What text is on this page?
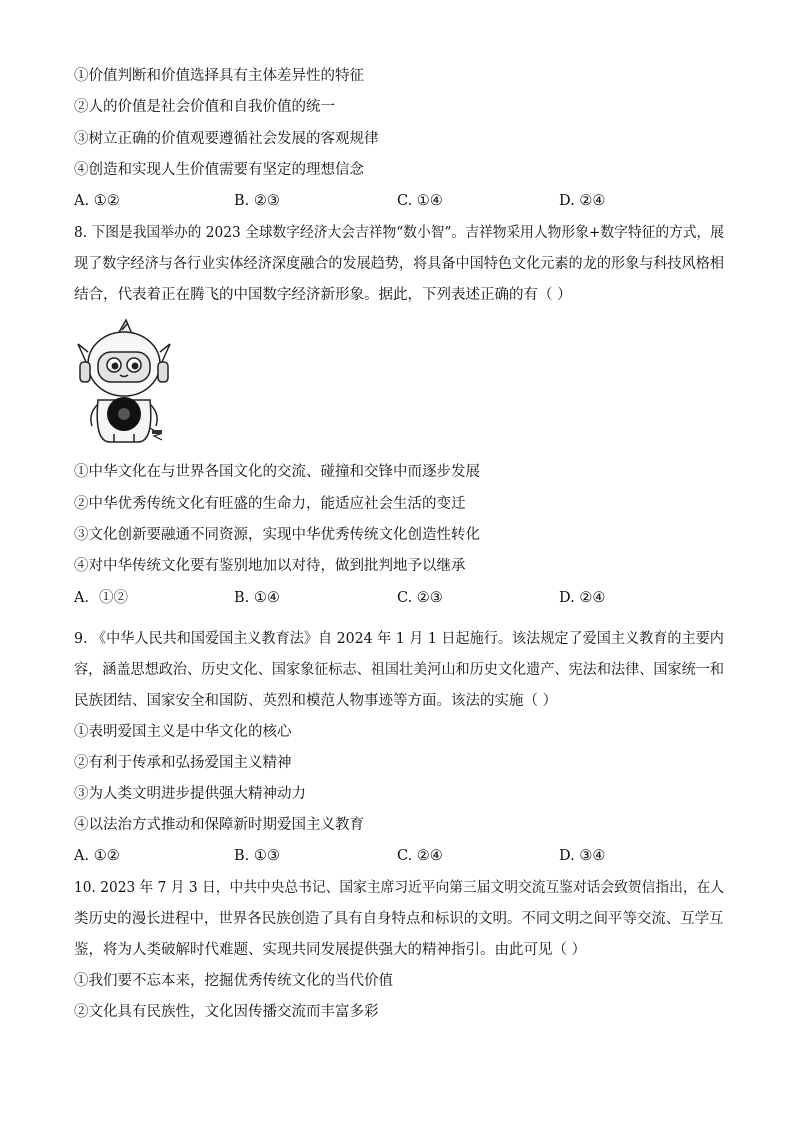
①价值判断和价值选择具有主体差异性的特征
②人的价值是社会价值和自我价值的统一
③树立正确的价值观要遵循社会发展的客观规律
④创造和实现人生价值需要有坚定的理想信念
A. ①②	B. ②③	C. ①④	D. ②④
8. 下图是我国举办的 2023 全球数字经济大会吉祥物“数小智”。吉祥物采用人物形象+数字特征的方式，展
现了数字经济与各行业实体经济深度融合的发展趋势，将具备中国特色文化元素的龙的形象与科技风格相
结合，代表着正在腾飞的中国数字经济新形象。据此，下列表述正确的有（ ）
①中华文化在与世界各国文化的交流、碰撞和交锋中而逐步发展
②中华优秀传统文化有旺盛的生命力，能适应社会生活的变迁
③文化创新要融通不同资源，实现中华优秀传统文化创造性转化
④对中华传统文化要有鉴别地加以对待，做到批判地予以继承
A．①②	B. ①④	C. ②③	D. ②④
9. 《中华人民共和国爱国主义教育法》自 2024 年 1 月 1 日起施行。该法规定了爱国主义教育的主要内
容，涵盖思想政治、历史文化、国家象征标志、祖国壮美河山和历史文化遗产、宪法和法律、国家统一和
民族团结、国家安全和国防、英烈和模范人物事迹等方面。该法的实施（ ）
①表明爱国主义是中华文化的核心
②有利于传承和弘扬爱国主义精神
③为人类文明进步提供强大精神动力
④以法治方式推动和保障新时期爱国主义教育
A. ①②	B. ①③	C. ②④	D. ③④
10. 2023 年 7 月 3 日，中共中央总书记、国家主席习近平向第三届文明交流互鉴对话会致贺信指出，在人
类历史的漫长进程中，世界各民族创造了具有自身特点和标识的文明。不同文明之间平等交流、互学互
鉴，将为人类破解时代难题、实现共同发展提供强大的精神指引。由此可见（ ）
①我们要不忘本来，挖掘优秀传统文化的当代价值
②文化具有民族性，文化因传播交流而丰富多彩
